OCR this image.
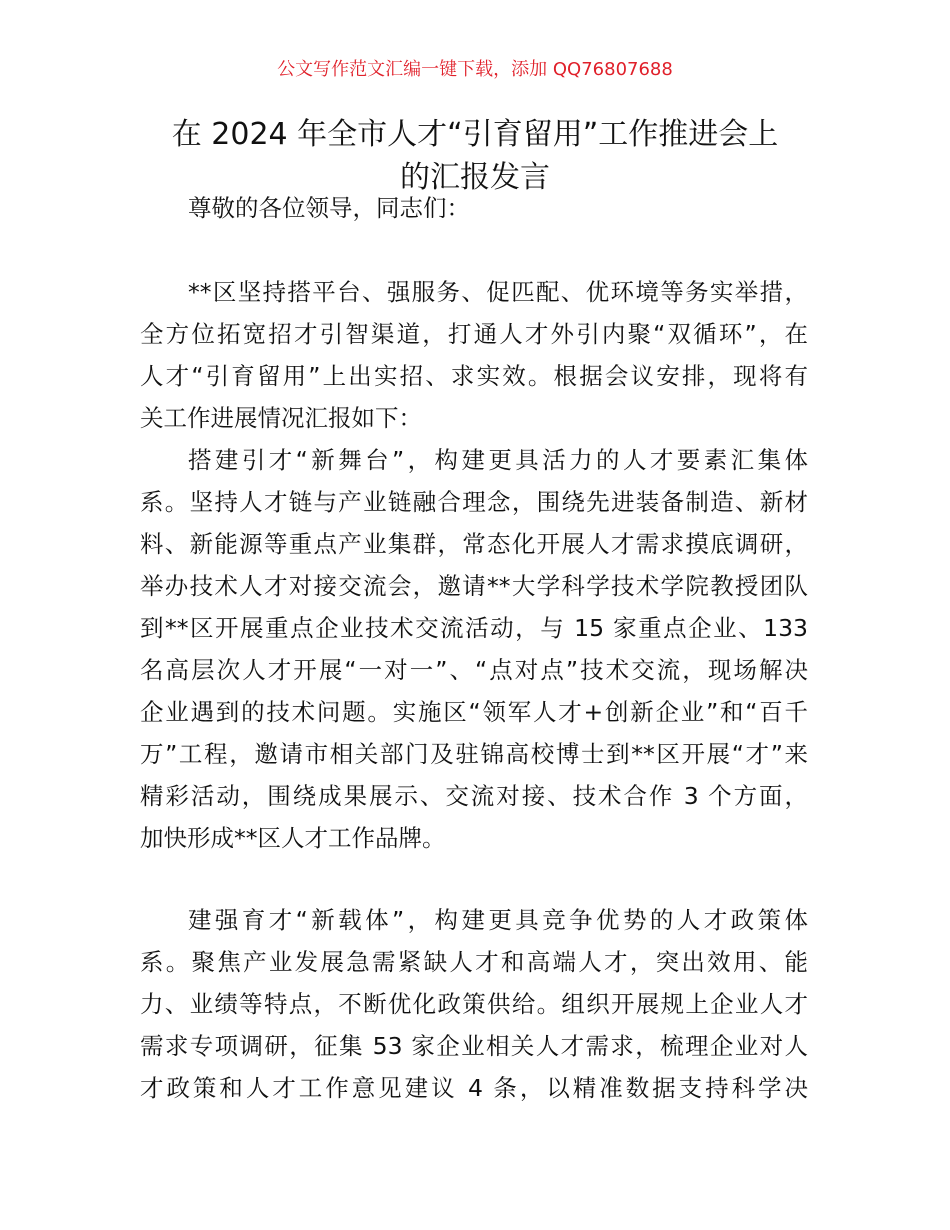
公文写作范文汇编一键下载，添加 QQ76807688
在 2024 年全市人才“引育留用”工作推进会上
的汇报发言
尊敬的各位领导，同志们：
**区坚持搭平台、强服务、促匹配、优环境等务实举措，
全方位拓宽招才引智渠道，打通人才外引内聚“双循环”，在
人才“引育留用”上出实招、求实效。根据会议安排，现将有
关工作进展情况汇报如下：
搭建引才“新舞台”，构建更具活力的人才要素汇集体
系。坚持人才链与产业链融合理念，围绕先进装备制造、新材
料、新能源等重点产业集群，常态化开展人才需求摸底调研，
举办技术人才对接交流会，邀请**大学科学技术学院教授团队
到**区开展重点企业技术交流活动，与 15 家重点企业、133
名高层次人才开展“一对一”、“点对点”技术交流，现场解决
企业遇到的技术问题。实施区“领军人才+创新企业”和“百千
万”工程，邀请市相关部门及驻锦高校博士到**区开展“才”来
精彩活动，围绕成果展示、交流对接、技术合作 3 个方面，
加快形成**区人才工作品牌。
建强育才“新载体”，构建更具竞争优势的人才政策体
系。聚焦产业发展急需紧缺人才和高端人才，突出效用、能
力、业绩等特点，不断优化政策供给。组织开展规上企业人才
需求专项调研，征集 53 家企业相关人才需求，梳理企业对人
才政策和人才工作意见建议 4 条，以精准数据支持科学决
